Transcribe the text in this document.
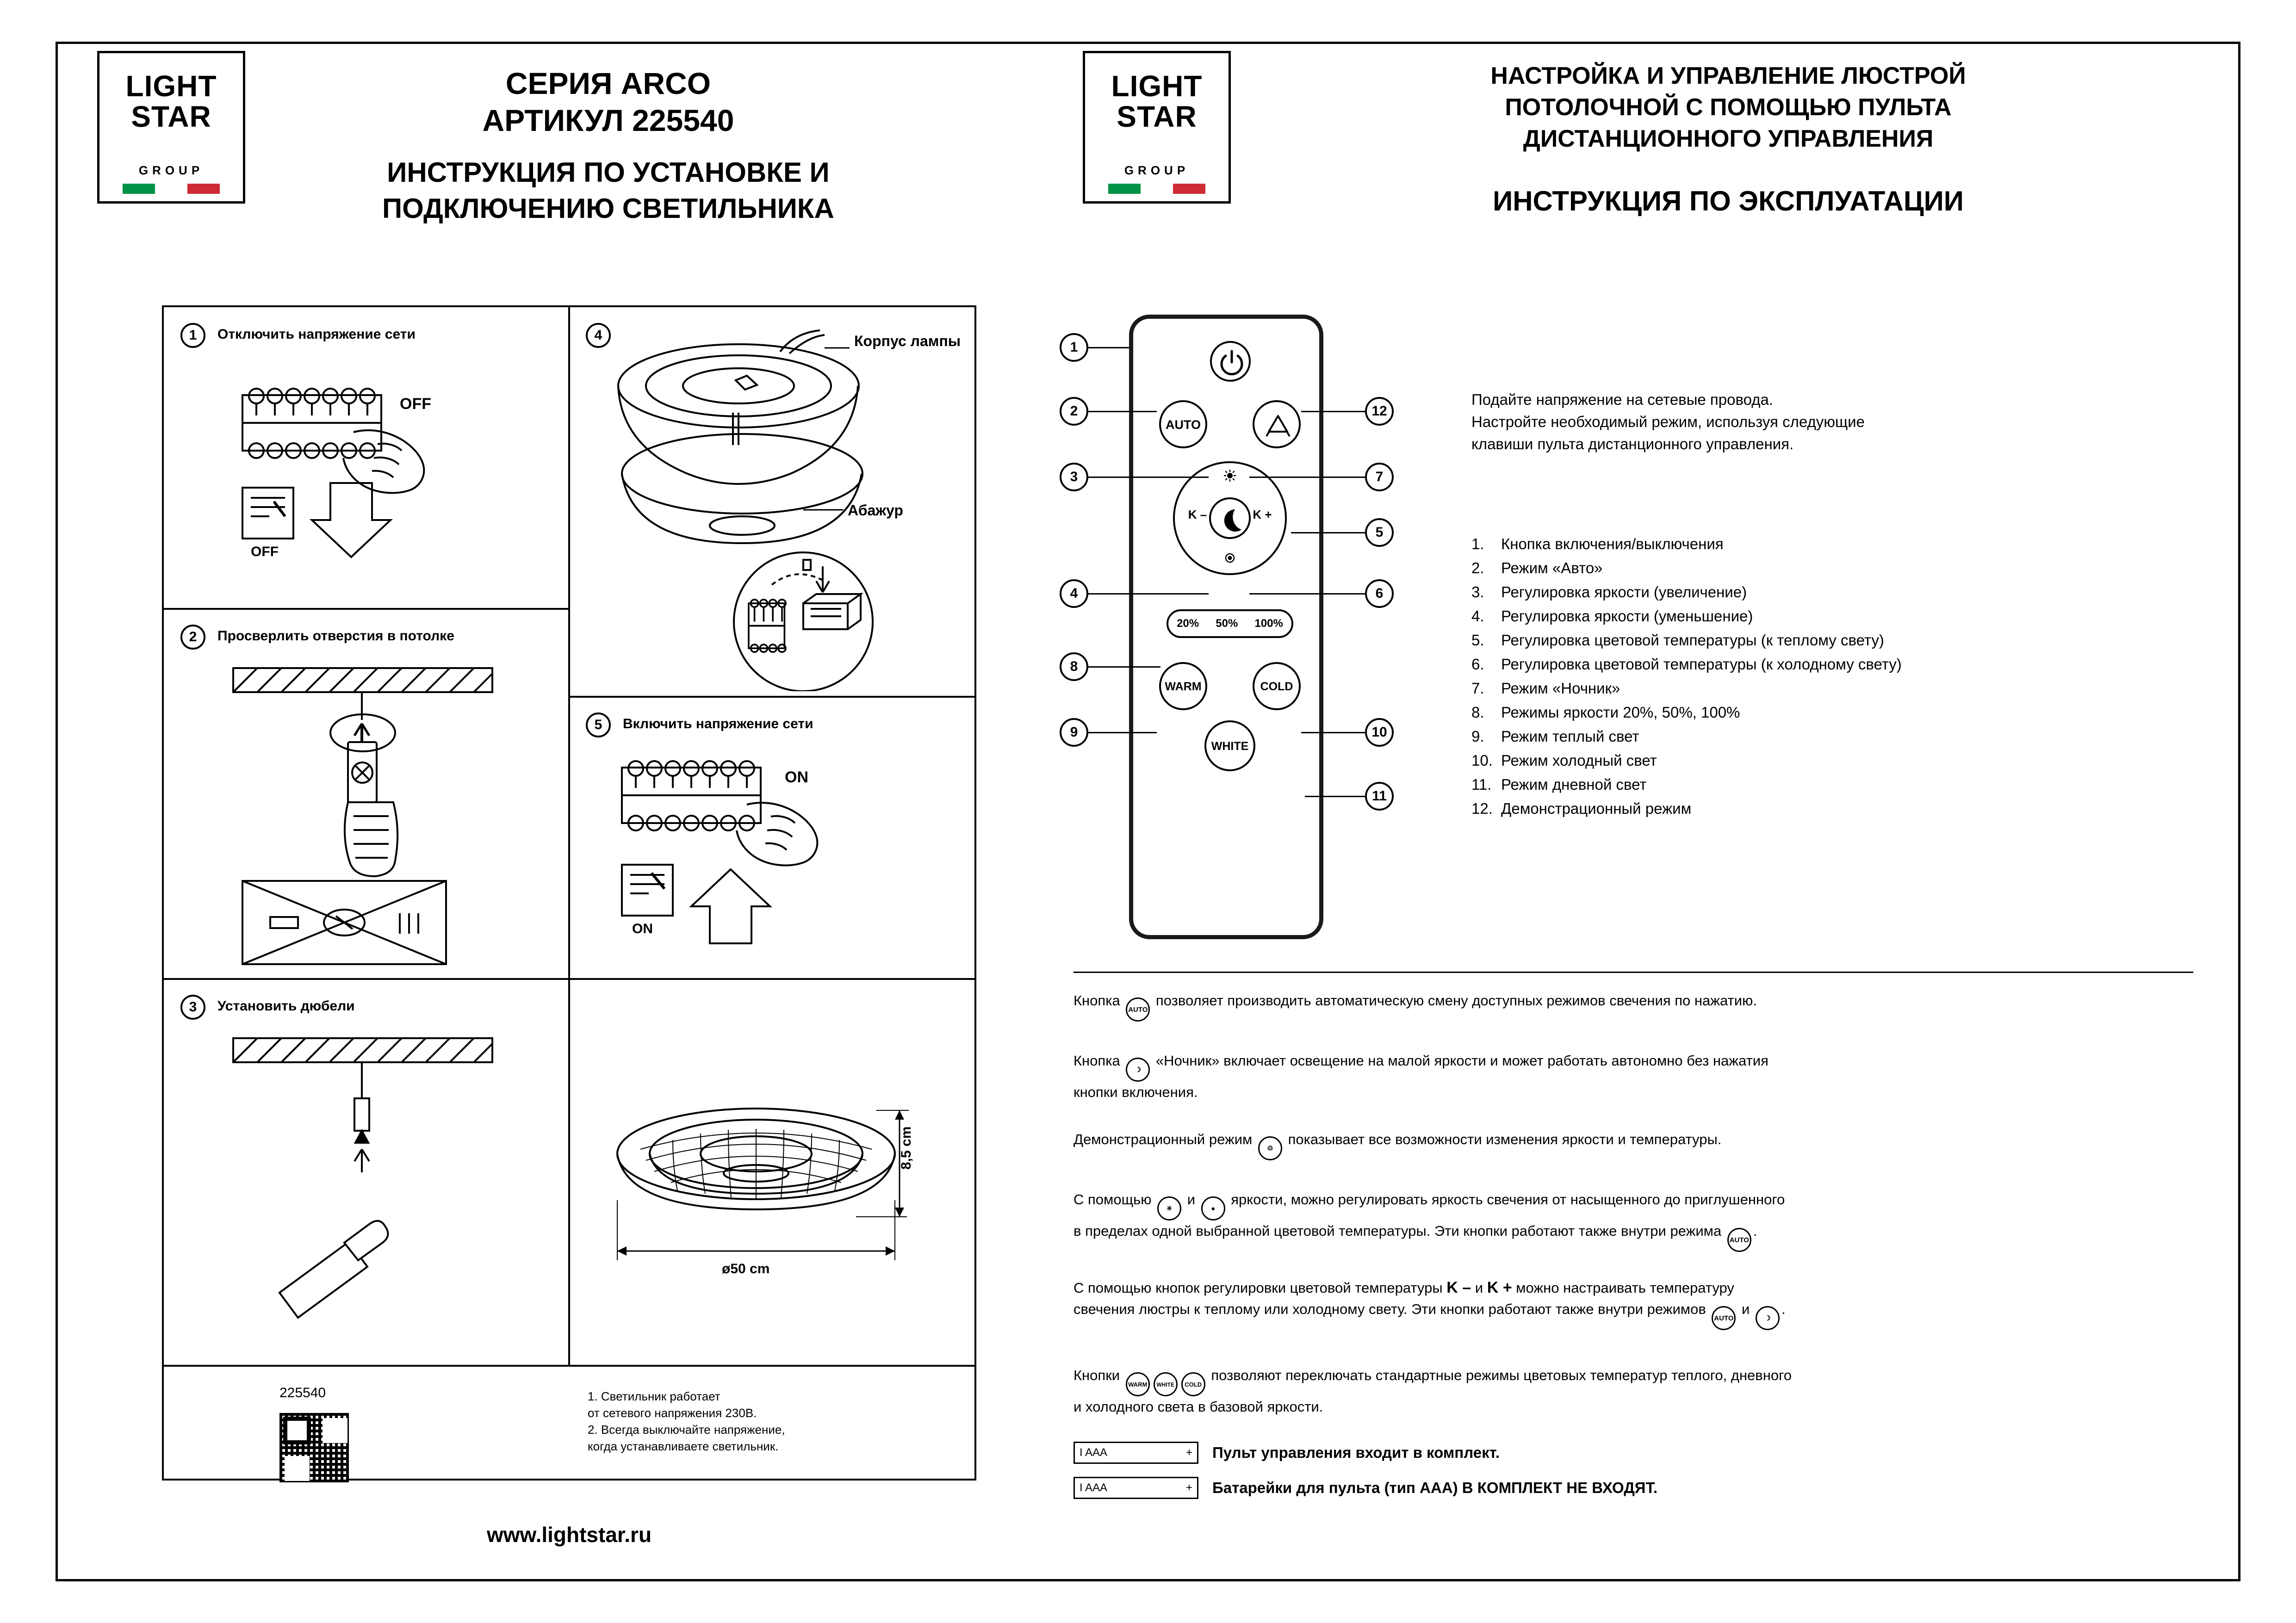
LIGHT
STAR
GROUP

СЕРИЯ ARCO
АРТИКУЛ 225540
ИНСТРУКЦИЯ ПО УСТАНОВКЕ И
ПОДКЛЮЧЕНИЮ СВЕТИЛЬНИКА
1	Отключить напряжение сети
OFF
OFF
2	Просверлить отверстия в потолке
3	Установить дюбели
4	Корпус лампы
Абажур
5	Включить напряжение сети
ON
ON
8,5 cm
ø50 cm
225540	1. Светильник работает
от сетевого напряжения 230В.
2. Всегда выключайте напряжение,
когда устанавливаете светильник.
www.lightstar.ru
LIGHT
STAR
GROUP
НАСТРОЙКА И УПРАВЛЕНИЕ ЛЮСТРОЙ
ПОТОЛОЧНОЙ С ПОМОЩЬЮ ПУЛЬТА
ДИСТАНЦИОННОГО УПРАВЛЕНИЯ
ИНСТРУКЦИЯ ПО ЭКСПЛУАТАЦИИ
AUTO
K –	K +
20% 50% 100%
WARM	COLD
WHITE
1
2
3
4
8
9
12
7
5
6
10
11
Подайте напряжение на сетевые провода.
Настройте необходимый режим, используя следующие
клавиши пульта дистанционного управления.
1.	Кнопка включения/выключения
2.	Режим «Авто»
3.	Регулировка яркости (увеличение)
4.	Регулировка яркости (уменьшение)
5.	Регулировка цветовой температуры (к теплому свету)
6.	Регулировка цветовой температуры (к холодному свету)
7.	Режим «Ночник»
8.	Режимы яркости 20%, 50%, 100%
9.	Режим теплый свет
10. Режим холодный свет
11. Режим дневной свет
12. Демонстрационный режим
Кнопка AUTO позволяет производить автоматическую смену доступных режимов свечения по нажатию.
Кнопка ☽ «Ночник» включает освещение на малой яркости и может работать автономно без нажатия
кнопки включения.
Демонстрационный режим ♲ показывает все возможности изменения яркости и температуры.
С помощью ☀ и ● яркости, можно регулировать яркость свечения от насыщенного до приглушенного
в пределах одной выбранной цветовой температуры. Эти кнопки работают также внутри режима AUTO.
С помощью кнопок регулировки цветовой температуры K – и K + можно настраивать температуру
свечения люстры к теплому или холодному свету. Эти кнопки работают также внутри режимов AUTO и ☽.
Кнопки WARM WHITE COLD позволяют переключать стандартные режимы цветовых температур теплого, дневного
и холодного света в базовой яркости.
I AAA	+ Пульт управления входит в комплект.
I AAA	+ Батарейки для пульта (тип ААА) В КОМПЛЕКТ НЕ ВХОДЯТ.
